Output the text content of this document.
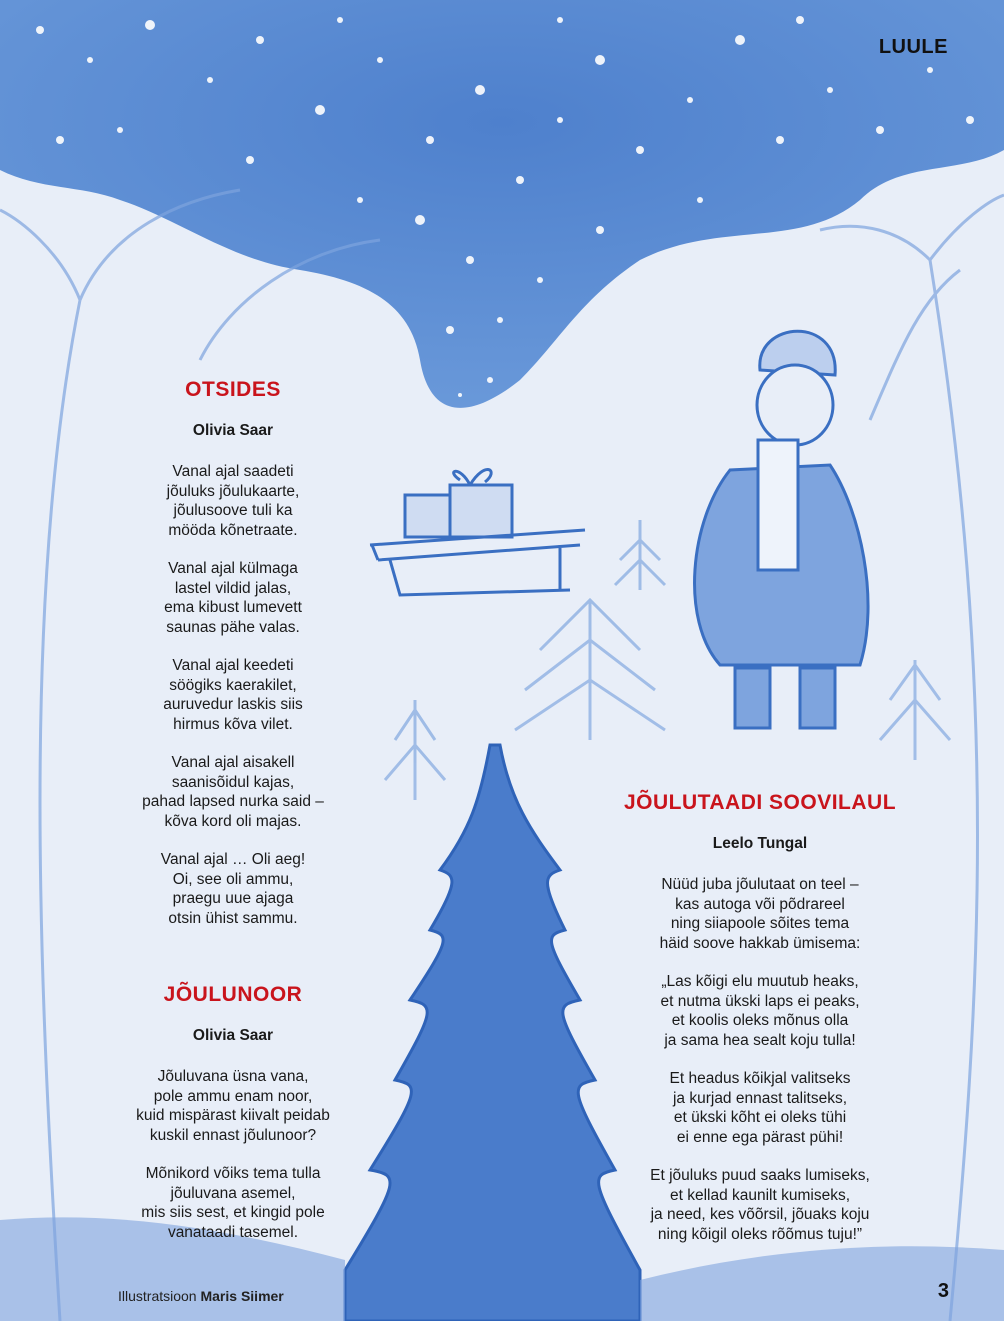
LUULE
OTSIDES
Olivia Saar
Vanal ajal saadeti
jõuluks jõulukaarte,
jõulusoove tuli ka
mööda kõnetraate.
Vanal ajal külmaga
lastel vildid jalas,
ema kibust lumevett
saunas pähe valas.
Vanal ajal keedeti
söögiks kaerakilet,
auruvedur laskis siis
hirmus kõva vilet.
Vanal ajal aisakell
saanisõidul kajas,
pahad lapsed nurka said –
kõva kord oli majas.
Vanal ajal … Oli aeg!
Oi, see oli ammu,
praegu uue ajaga
otsin ühist sammu.
JÕULUNOOR
Olivia Saar
Jõuluvana üsna vana,
pole ammu enam noor,
kuid mispärast kiivalt peidab
kuskil ennast jõulunoor?
Mõnikord võiks tema tulla
jõuluvana asemel,
mis siis sest, et kingid pole
vanataadi tasemel.
JÕULUTAADI SOOVILAUL
Leelo Tungal
Nüüd juba jõulutaat on teel –
kas autoga või põdrareel
ning siiapoole sõites tema
häid soove hakkab ümisema:
„Las kõigi elu muutub heaks,
et nutma ükski laps ei peaks,
et koolis oleks mõnus olla
ja sama hea sealt koju tulla!
Et headus kõikjal valitseks
ja kurjad ennast talitseks,
et ükski kõht ei oleks tühi
ei enne ega pärast pühi!
Et jõuluks puud saaks lumiseks,
et kellad kaunilt kumiseks,
ja need, kes võõrsil, jõuaks koju
ning kõigil oleks rõõmus tuju!”
Illustratsioon Maris Siimer	3
